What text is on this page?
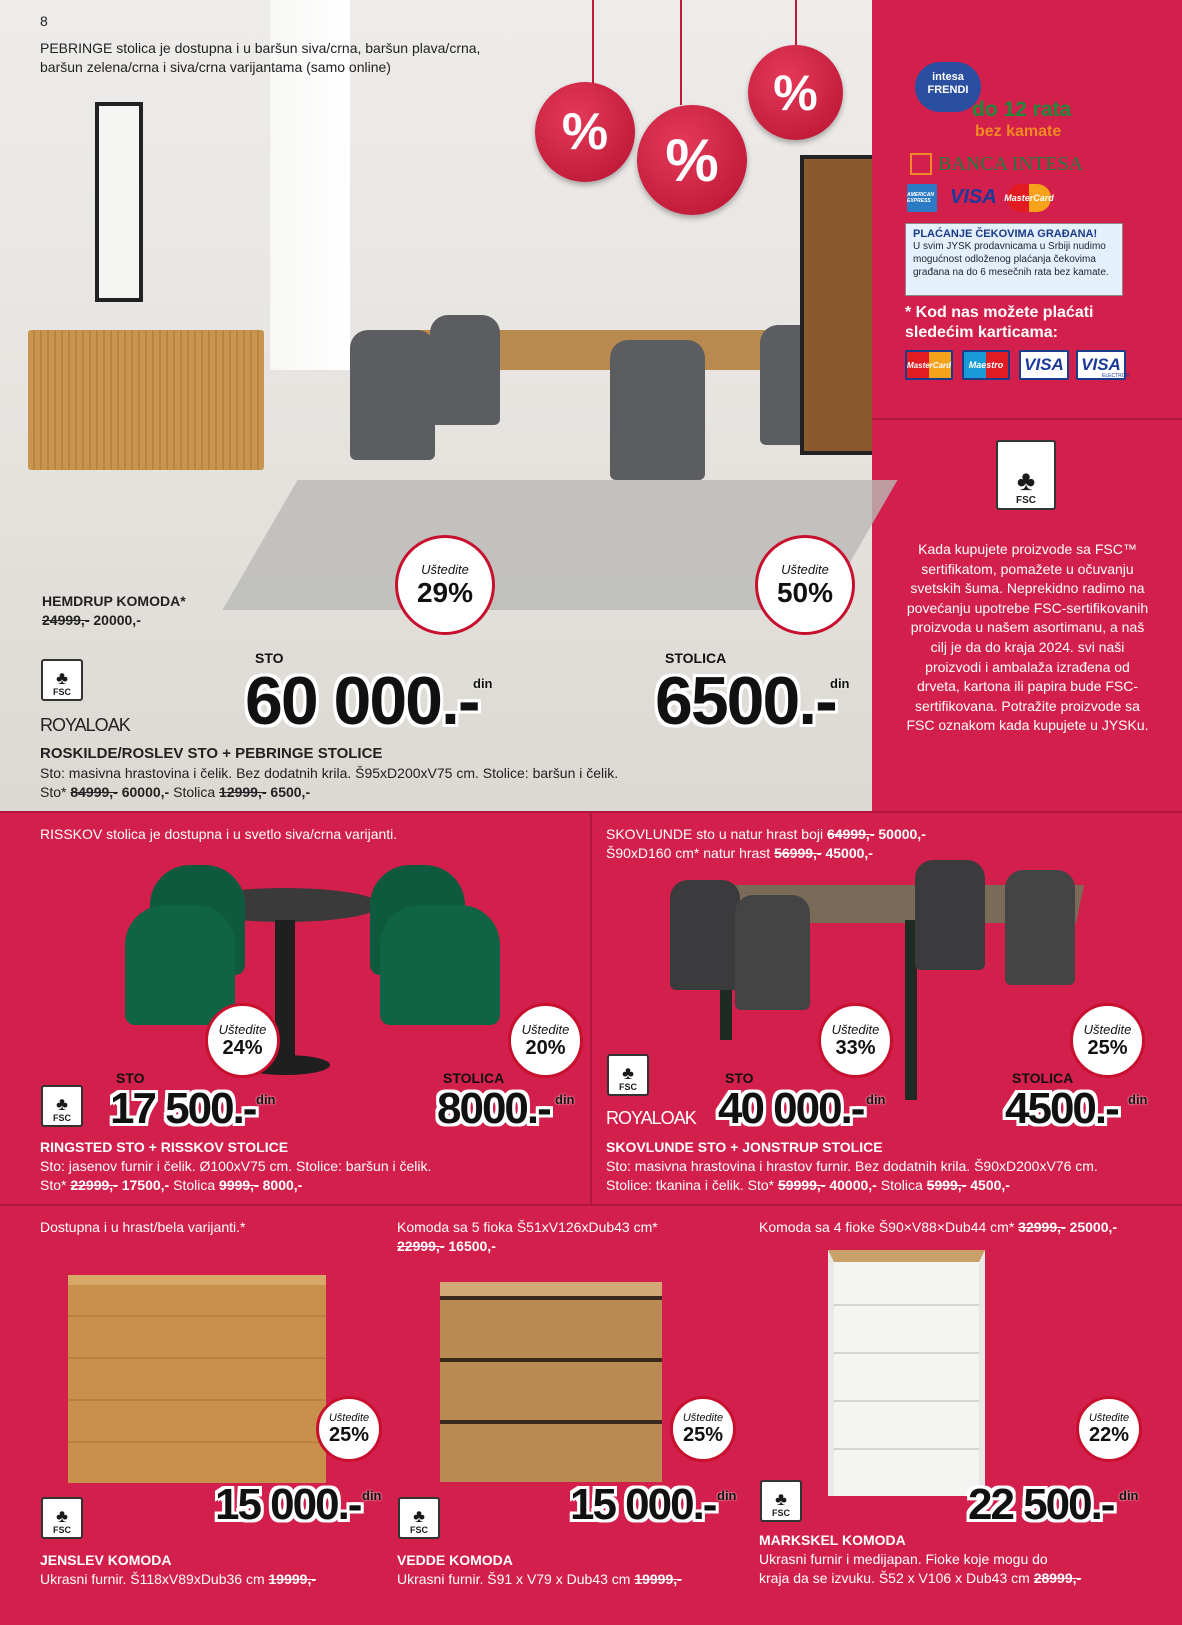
8
PEBRINGE stolica je dostupna i u baršun siva/crna, baršun plava/crna,
baršun zelena/crna i siva/crna varijantama (samo online)
% %
%
HEMDRUP KOMODA*
24999,- 20000,-
Uštedite
29%
Uštedite
50%
STO
60 000.-
din
STOLICA
6500.-
din
♣
FSC
ROYALOAK
ROSKILDE/ROSLEV STO + PEBRINGE STOLICE
Sto: masivna hrastovina i čelik. Bez dodatnih krila. Š95xD200xV75 cm. Stolice: baršun i čelik.
Sto* 84999,- 60000,- Stolica 12999,- 6500,-
intesa
FRENDI
do 12 rata
bez kamate
BANCA INTESA
AMERICAN EXPRESS VISA MasterCard
PLAĆANJE ČEKOVIMA GRAĐANA!
U svim JYSK prodavnicama u Srbiji nudimo mogućnost odloženog plaćanja čekovima građana na do 6 mesečnih rata bez kamate.
* Kod nas možete plaćati sledećim karticama:
MasterCard	Maestro	VISA	VISA
ELECTRON
♣
FSC
Kada kupujete proizvode sa FSC™ sertifikatom, pomažete u očuvanju svetskih šuma. Neprekidno radimo na povećanju upotrebe FSC-sertifikovanih proizvoda u našem asortimanu, a naš cilj je da do kraja 2024. svi naši proizvodi i ambalaža izrađena od drveta, kartona ili papira bude FSC-sertifikovana. Potražite proizvode sa FSC oznakom kada kupujete u JYSKu.
RISSKOV stolica je dostupna i u svetlo siva/crna varijanti.
Uštedite
24%
Uštedite
20%
STO
17 500.- din
STOLICA
8000.- din
♣
FSC
RINGSTED STO + RISSKOV STOLICE
Sto: jasenov furnir i čelik. Ø100xV75 cm. Stolice: baršun i čelik.
Sto* 22999,- 17500,- Stolica 9999,- 8000,-
SKOVLUNDE sto u natur hrast boji 64999,- 50000,-
Š90xD160 cm* natur hrast 56999,- 45000,-
Uštedite
33%
Uštedite
25%
♣
FSC
ROYALOAK
STO
40 000.- din
STOLICA
4500.- din
SKOVLUNDE STO + JONSTRUP STOLICE
Sto: masivna hrastovina i hrastov furnir. Bez dodatnih krila. Š90xD200xV76 cm.
Stolice: tkanina i čelik. Sto* 59999,- 40000,- Stolica 5999,- 4500,-
Dostupna i u hrast/bela varijanti.*
Uštedite
25%
15 000.- din
♣
FSC
JENSLEV KOMODA
Ukrasni furnir. Š118xV89xDub36 cm 19999,-
Komoda sa 5 fioka Š51xV126xDub43 cm*
22999,- 16500,-
Uštedite
25%
15 000.- din
♣
FSC
VEDDE KOMODA
Ukrasni furnir. Š91 x V79 x Dub43 cm 19999,-
Komoda sa 4 fioke Š90×V88×Dub44 cm* 32999,- 25000,-
Uštedite
22%
22 500.- din
♣
FSC
MARKSKEL KOMODA
Ukrasni furnir i medijapan. Fioke koje mogu do
kraja da se izvuku. Š52 x V106 x Dub43 cm 28999,-
